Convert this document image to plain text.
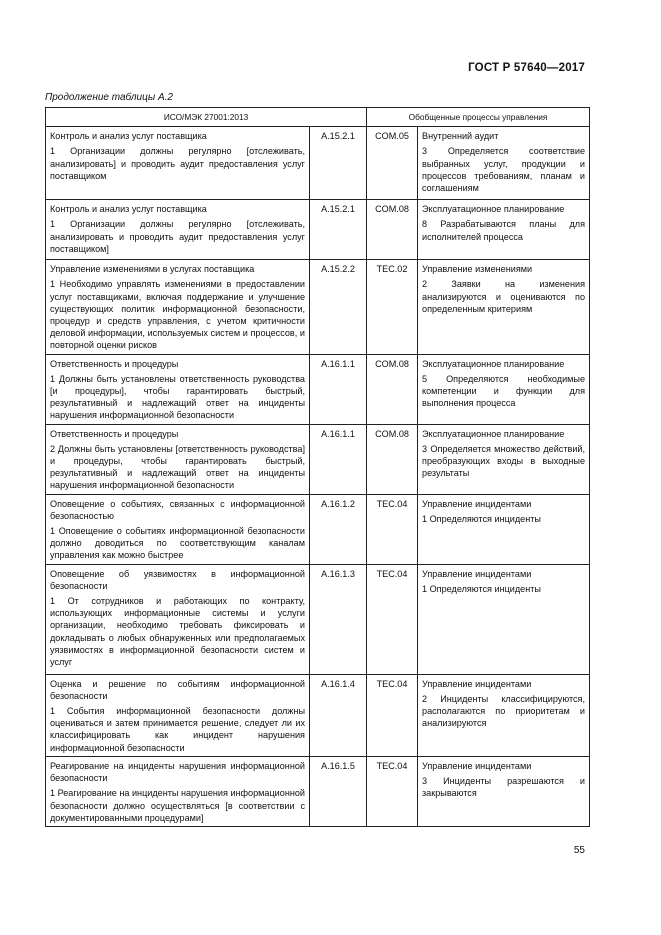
ГОСТ Р 57640—2017
Продолжение таблицы А.2
ИСО/МЭК 27001:2013		Обобщенные процессы управления	

Контроль и анализ услуг поставщика
1 Организации должны регулярно [отслеживать, анализировать] и проводить аудит предоставления услуг поставщиком	А.15.2.1	COM.05	Внутренний аудит
3 Определяется соответствие выбранных услуг, продукции и процессов требованиям, планам и соглашениям

Контроль и анализ услуг поставщика
1 Организации должны регулярно [отслеживать, анализировать и проводить аудит предоставления услуг поставщиком]	А.15.2.1	COM.08	Эксплуатационное планирование
8 Разрабатываются планы для исполнителей процесса

Управление изменениями в услугах поставщика
1 Необходимо управлять изменениями в предоставлении услуг поставщиками, включая поддержание и улучшение существующих политик информационной безопасности, процедур и средств управления, с учетом критичности деловой информации, используемых систем и процессов, и повторной оценки рисков	А.15.2.2	TEC.02	Управление изменениями
2 Заявки на изменения анализируются и оцениваются по определенным критериям

Ответственность и процедуры
1 Должны быть установлены ответственность руководства [и процедуры], чтобы гарантировать быстрый, результативный и надлежащий ответ на инциденты нарушения информационной безопасности	А.16.1.1	COM.08	Эксплуатационное планирование
5 Определяются необходимые компетенции и функции для выполнения процесса

Ответственность и процедуры
2 Должны быть установлены [ответственность руководства] и процедуры, чтобы гарантировать быстрый, результативный и надлежащий ответ на инциденты нарушения информационной безопасности	А.16.1.1	COM.08	Эксплуатационное планирование
3 Определяется множество действий, преобразующих входы в выходные результаты

Оповещение о событиях, связанных с информационной безопасностью
1 Оповещение о событиях информационной безопасности должно доводиться по соответствующим каналам управления как можно быстрее	А.16.1.2	TEC.04	Управление инцидентами
1 Определяются инциденты

Оповещение об уязвимостях в информационной безопасности
1 От сотрудников и работающих по контракту, использующих информационные системы и услуги организации, необходимо требовать фиксировать и докладывать о любых обнаруженных или предполагаемых уязвимостях в информационной безопасности систем и услуг	А.16.1.3	TEC.04	Управление инцидентами
1 Определяются инциденты

Оценка и решение по событиям информационной безопасности
1 События информационной безопасности должны оцениваться и затем принимается решение, следует ли их классифицировать как инцидент нарушения информационной безопасности	А.16.1.4	TEC.04	Управление инцидентами
2 Инциденты классифицируются, располагаются по приоритетам и анализируются

Реагирование на инциденты нарушения информационной безопасности
1 Реагирование на инциденты нарушения информационной безопасности должно осуществляться [в соответствии с документированными процедурами]	А.16.1.5	TEC.04	Управление инцидентами
3 Инциденты разрешаются и закрываются
55
